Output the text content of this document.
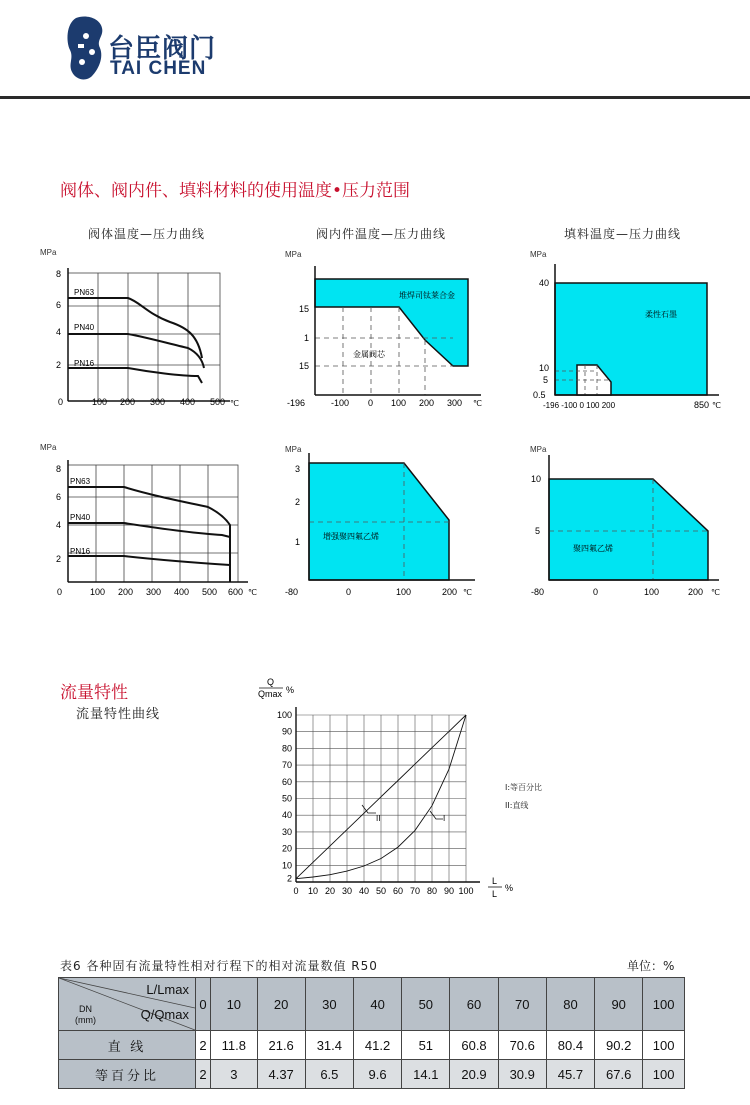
台臣阀门
TAI CHEN
阀体、阀内件、填料材料的使用温度•压力范围
阀体温度—压力曲线	阀内件温度—压力曲线	填料温度—压力曲线
MPa
8
6
4
2
0	100 200 300 400 500 ℃
PN63
PN40
PN16
MPa
15
1
15
-196	-100 0 100 200 300 ℃
堆焊司钛莱合金
金属阀芯
MPa
40
10
5
0.5
-196 -100 0 100 200	850 ℃
柔性石墨
MPa
8
6
4
2
0	100 200 300 400 500 600 ℃
PN63
PN40
PN16
MPa
3
2
1
-80	0	100	200 ℃
增强聚四氟乙烯
MPa
10
5
-80	0	100	200 ℃
聚四氟乙烯
流量特性
流量特性曲线
Q
Qmax %
0 10 20 30 40 50 60 70 80 90 100
2
10
20
30
40
50
60
70
80
90
100
L
L
%
II	I
I:等百分比
II:直线
表6 各种固有流量特性相对行程下的相对流量数值 R50	单位：%
L/Lmax
Q/Qmax
DN
(mm)	0	10	20	30	40	50	60	70	80	90	100
直 线	2	11.8	21.6	31.4	41.2	51	60.8	70.6	80.4	90.2	100
等百分比	2	3	4.37	6.5	9.6	14.1	20.9	30.9	45.7	67.6	100
